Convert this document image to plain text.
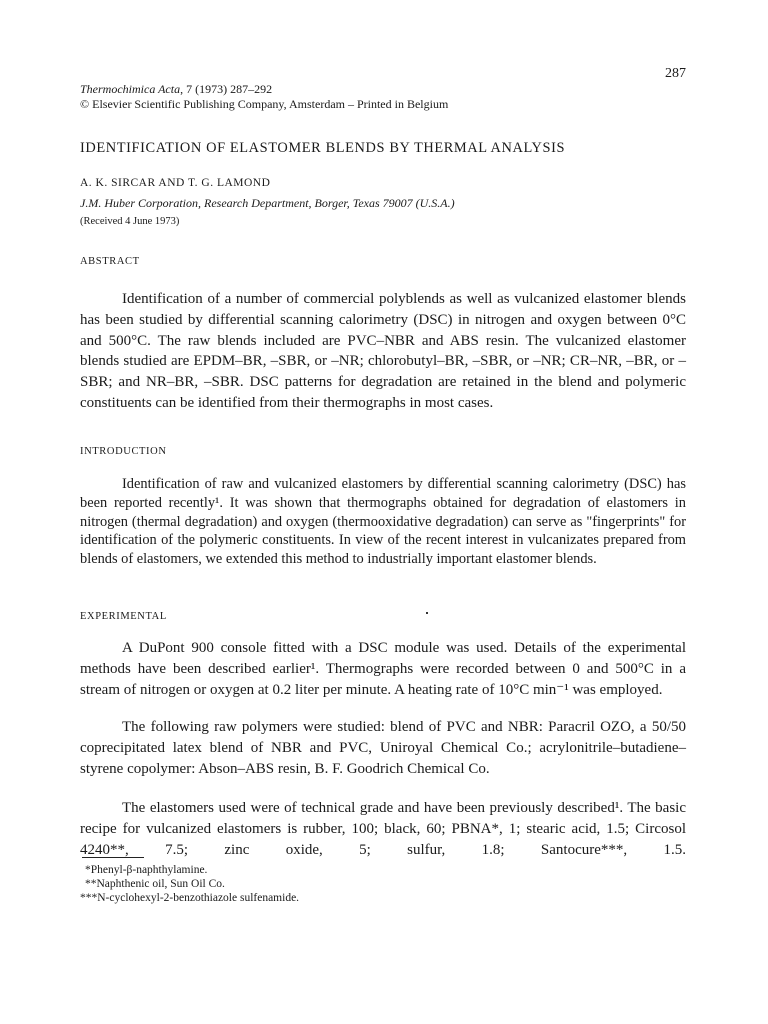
287
Thermochimica Acta, 7 (1973) 287–292
© Elsevier Scientific Publishing Company, Amsterdam – Printed in Belgium
IDENTIFICATION OF ELASTOMER BLENDS BY THERMAL ANALYSIS
A. K. SIRCAR AND T. G. LAMOND
J.M. Huber Corporation, Research Department, Borger, Texas 79007 (U.S.A.)
(Received 4 June 1973)
ABSTRACT

Identification of a number of commercial polyblends as well as vulcanized elastomer blends has been studied by differential scanning calorimetry (DSC) in nitrogen and oxygen between 0°C and 500°C. The raw blends included are PVC–NBR and ABS resin. The vulcanized elastomer blends studied are EPDM–BR, –SBR, or –NR; chlorobutyl–BR, –SBR, or –NR; CR–NR, –BR, or –SBR; and NR–BR, –SBR. DSC patterns for degradation are retained in the blend and polymeric constituents can be identified from their thermographs in most cases.

INTRODUCTION

Identification of raw and vulcanized elastomers by differential scanning calorimetry (DSC) has been reported recently¹. It was shown that thermographs obtained for degradation of elastomers in nitrogen (thermal degradation) and oxygen (thermooxidative degradation) can serve as "fingerprints" for identification of the polymeric constituents. In view of the recent interest in vulcanizates prepared from blends of elastomers, we extended this method to industrially important elastomer blends.

EXPERIMENTAL

A DuPont 900 console fitted with a DSC module was used. Details of the experimental methods have been described earlier¹. Thermographs were recorded between 0 and 500°C in a stream of nitrogen or oxygen at 0.2 liter per minute. A heating rate of 10°C min⁻¹ was employed.

The following raw polymers were studied: blend of PVC and NBR: Paracril OZO, a 50/50 coprecipitated latex blend of NBR and PVC, Uniroyal Chemical Co.; acrylonitrile–butadiene–styrene copolymer: Abson–ABS resin, B. F. Goodrich Chemical Co.

The elastomers used were of technical grade and have been previously described¹. The basic recipe for vulcanized elastomers is rubber, 100; black, 60; PBNA*, 1; stearic acid, 1.5; Circosol 4240**, 7.5; zinc oxide, 5; sulfur, 1.8; Santocure***, 1.5.

*Phenyl-β-naphthylamine.
**Naphthenic oil, Sun Oil Co.
***N-cyclohexyl-2-benzothiazole sulfenamide.
